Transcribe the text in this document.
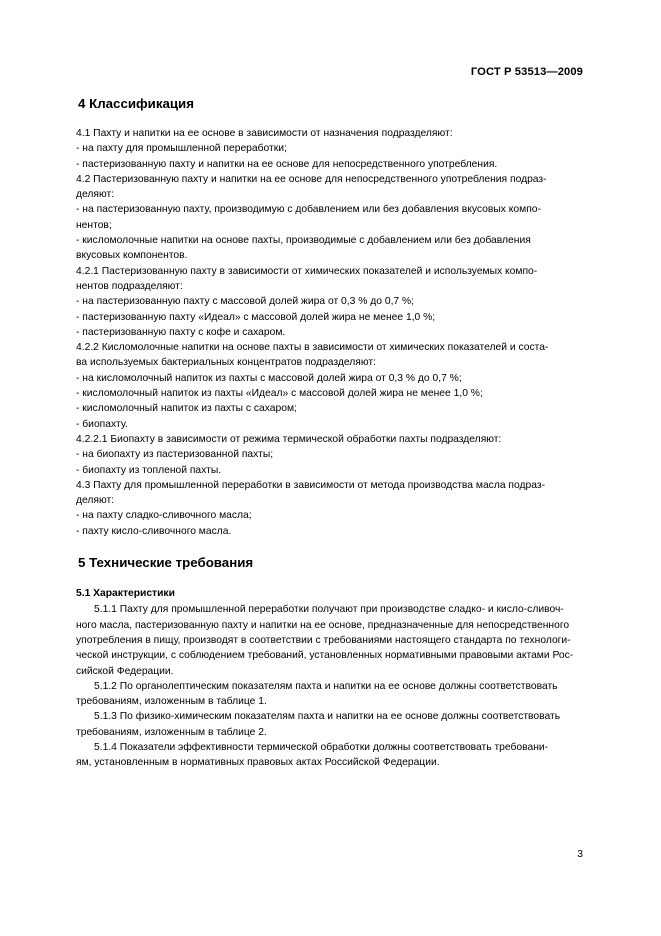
ГОСТ Р 53513—2009
4 Классификация
4.1 Пахту и напитки на ее основе в зависимости от назначения подразделяют:
- на пахту для промышленной переработки;
- пастеризованную пахту и напитки на ее основе для непосредственного употребления.
4.2 Пастеризованную пахту и напитки на ее основе для непосредственного употребления подраз-
деляют:
- на пастеризованную пахту, производимую с добавлением или без добавления вкусовых компо-
нентов;
- кисломолочные напитки на основе пахты, производимые с добавлением или без добавления
вкусовых компонентов.
4.2.1 Пастеризованную пахту в зависимости от химических показателей и используемых компо-
нентов подразделяют:
- на пастеризованную пахту с массовой долей жира от 0,3 % до 0,7 %;
- пастеризованную пахту «Идеал» с массовой долей жира не менее 1,0 %;
- пастеризованную пахту с кофе и сахаром.
4.2.2 Кисломолочные напитки на основе пахты в зависимости от химических показателей и соста-
ва используемых бактериальных концентратов подразделяют:
- на кисломолочный напиток из пахты с массовой долей жира от 0,3 % до 0,7 %;
- кисломолочный напиток из пахты «Идеал» с массовой долей жира не менее 1,0 %;
- кисломолочный напиток из пахты с сахаром;
- биопахту.
4.2.2.1 Биопахту в зависимости от режима термической обработки пахты подразделяют:
- на биопахту из пастеризованной пахты;
- биопахту из топленой пахты.
4.3 Пахту для промышленной переработки в зависимости от метода производства масла подраз-
деляют:
- на пахту сладко-сливочного масла;
- пахту кисло-сливочного масла.
5 Технические требования
5.1 Характеристики
5.1.1 Пахту для промышленной переработки получают при производстве сладко- и кисло-сливоч-
ного масла, пастеризованную пахту и напитки на ее основе, предназначенные для непосредственного
употребления в пищу, производят в соответствии с требованиями настоящего стандарта по технологи-
ческой инструкции, с соблюдением требований, установленных нормативными правовыми актами Рос-
сийской Федерации.
5.1.2 По органолептическим показателям пахта и напитки на ее основе должны соответствовать
требованиям, изложенным в таблице 1.
5.1.3 По физико-химическим показателям пахта и напитки на ее основе должны соответствовать
требованиям, изложенным в таблице 2.
5.1.4 Показатели эффективности термической обработки должны соответствовать требовани-
ям, установленным в нормативных правовых актах Российской Федерации.
3
